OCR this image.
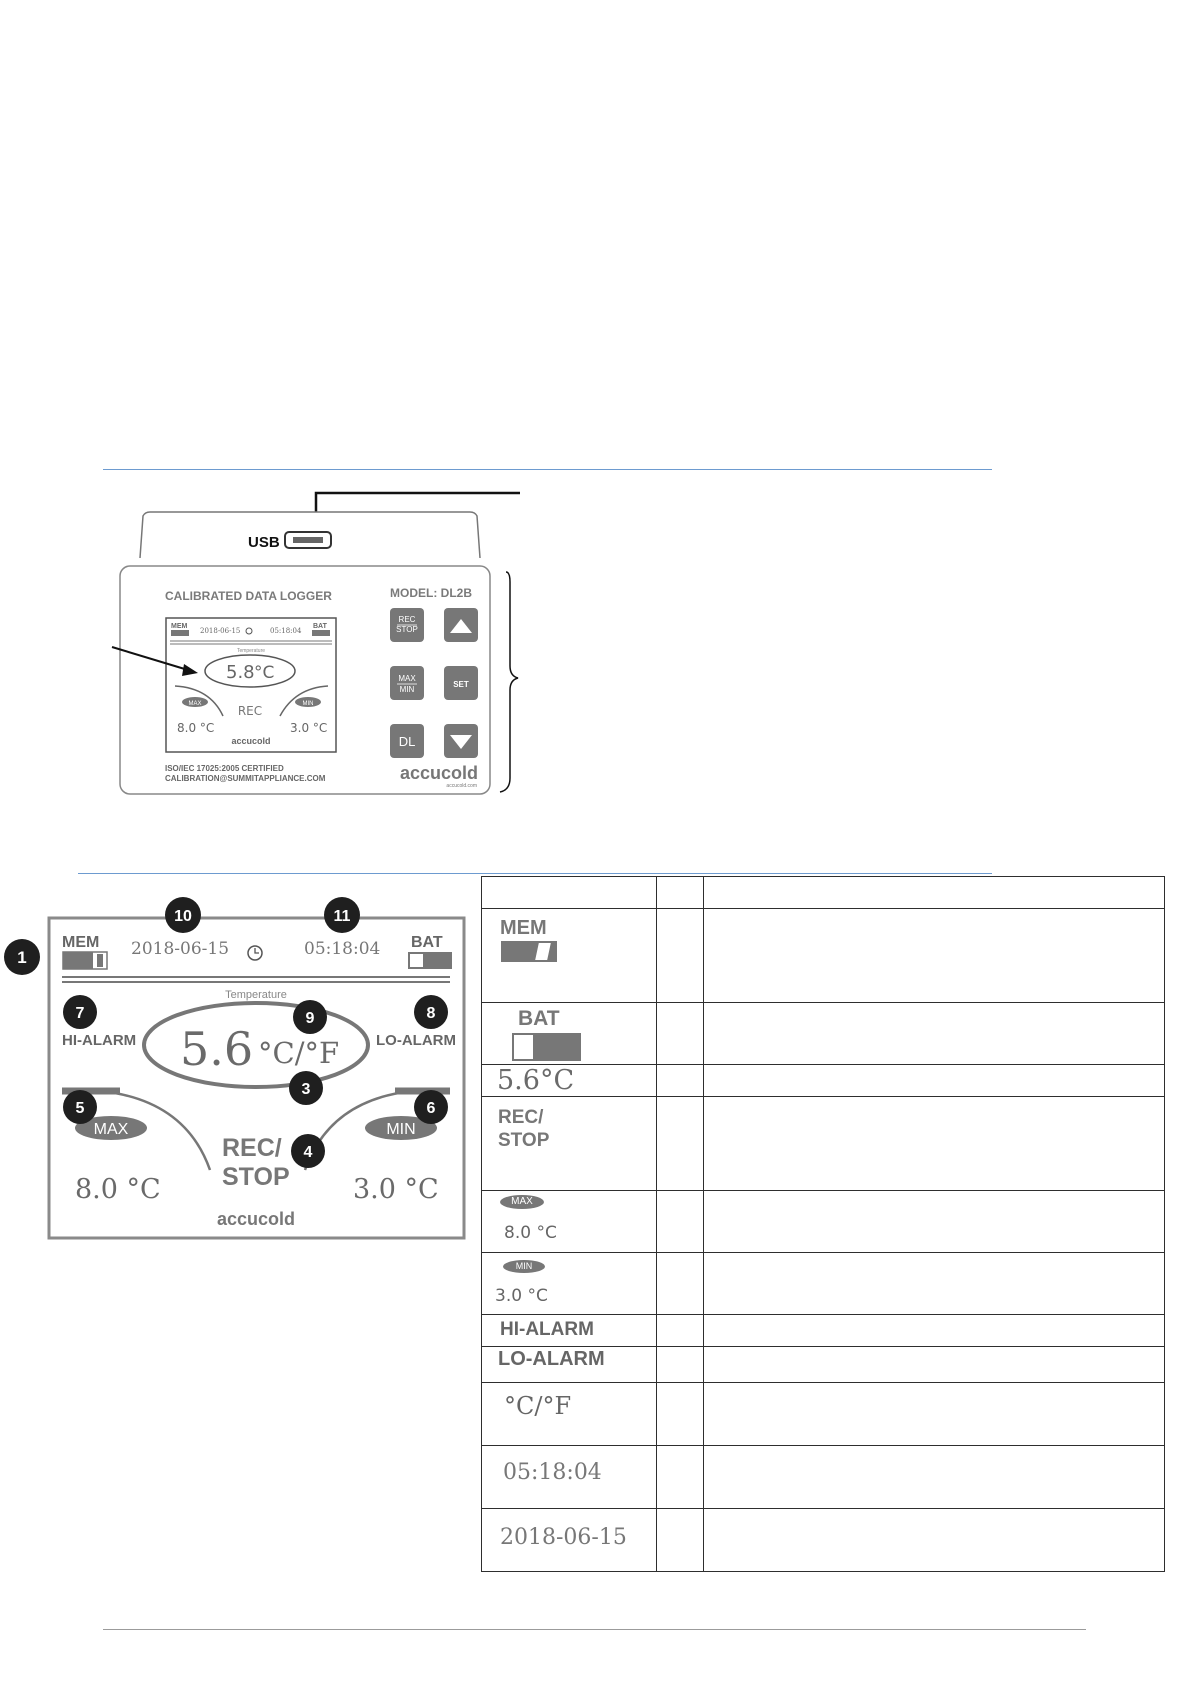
USB
CALIBRATED DATA LOGGER	MODEL: DL2B
MEM
2018-06-15	05:18:04
BAT
Temperature
5.8 °C
MAX	MIN
REC
8.0 °C	3.0 °C
accucold
REC
STOP
MAX
MIN
SET
DL
ISO/IEC 17025:2005 CERTIFIED
CALIBRATION@SUMMITAPPLIANCE.COM	accucold
accucold.com
MEM 2018-06-15	05:18:04 BAT
Temperature
5.6 °C/°F
HI-ALARM	LO-ALARM
MAX	MIN
REC/
STOP
8.0 °C	3.0 °C
accucold
1
10	11
7	8
9
3
5	6
4

MEM		

BAT		

5.6°C		

REC/
STOP		

MAX
8.0 °C		

MIN
3.0 °C		

HI-ALARM		

LO-ALARM		

°C/°F		

05:18:04		

2018-06-15		
